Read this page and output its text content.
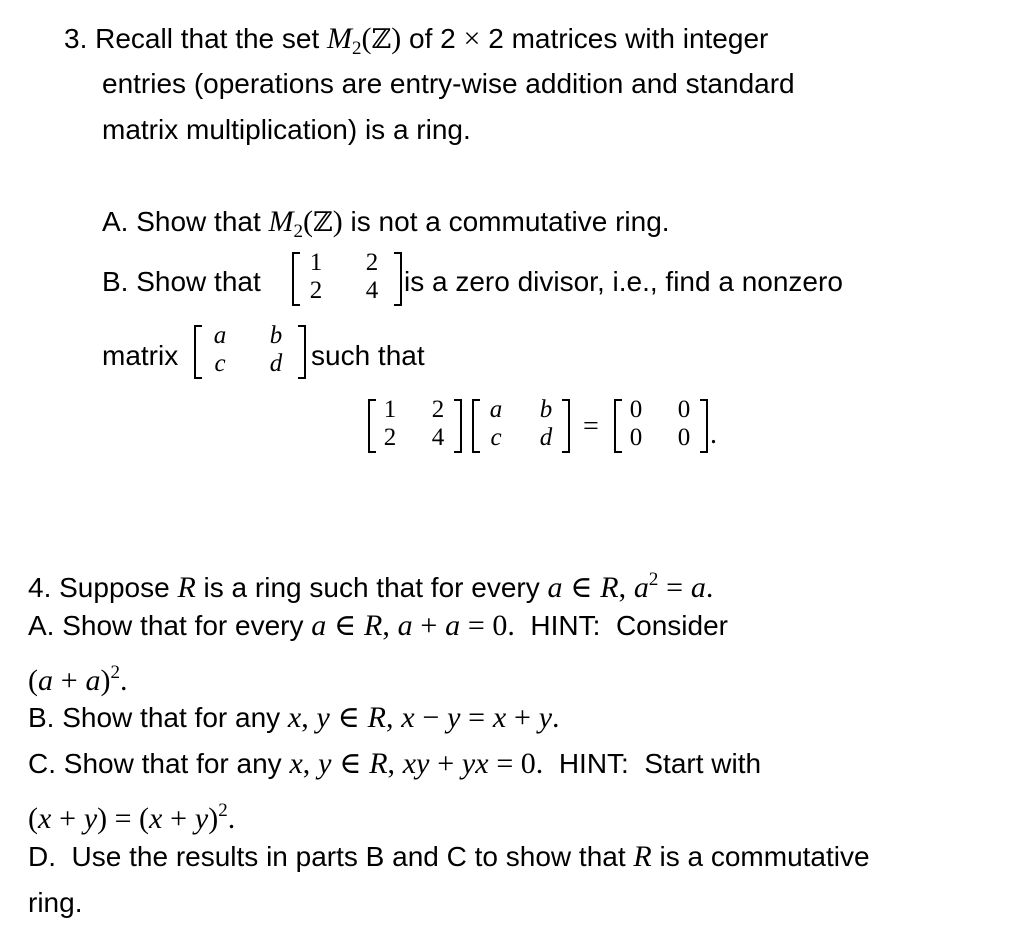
3. Recall that the set $M_2(ℤ)$ of 2 × 2 matrices with integer
entries (operations are entry-wise addition and standard
matrix multiplication) is a ring.
A. Show that $M_2(ℤ)$ is not a commutative ring.
B. Show that
1 2
2 4 is a zero divisor, i.e., find a nonzero
matrix
a b
c d such that
1 2
2 4
a b
c d =
0 0
0 0 .
4. Suppose R is a ring such that for every a ∈ R, $a^2 = a$.
A. Show that for every a ∈ R, a + a = 0.  HINT:  Consider
$(a + a)^2$.
B. Show that for any x, y ∈ R, x − y = x + y.
C. Show that for any x, y ∈ R, xy + yx = 0.  HINT:  Start with
$(x + y) = (x + y)^2$.
D.  Use the results in parts B and C to show that R is a commutative
ring.
